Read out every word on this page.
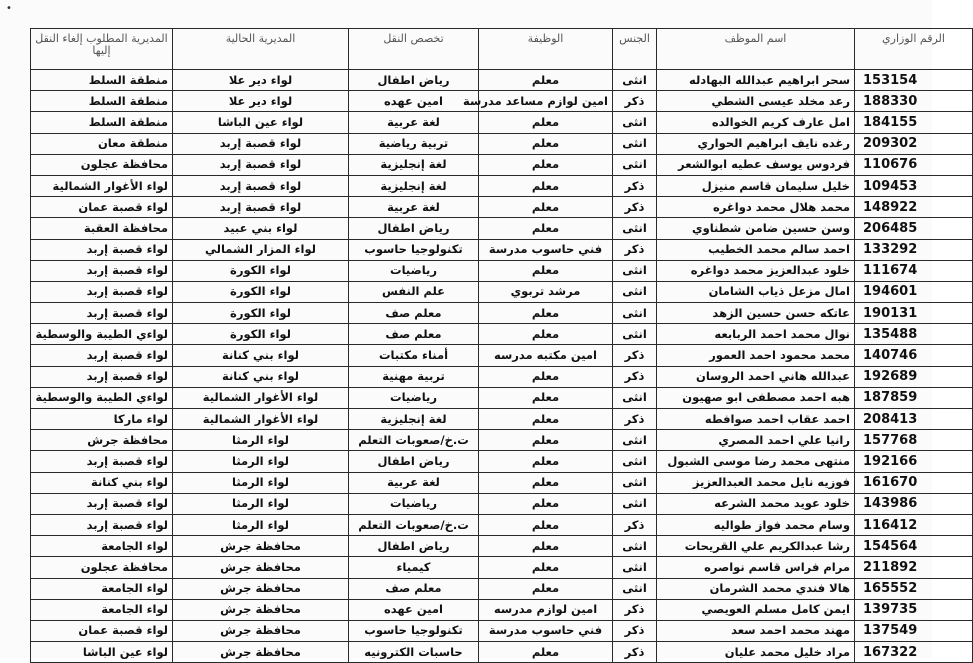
•
الرقم الوزاري	اسم الموظف	الجنس	الوظيفة	تخصص النقل	المديرية الحالية	المديرية المطلوب إلغاء النقل إليها
153154	سحر ابراهيم عبدالله البهادله	انثى	معلم	رياض اطفال	لواء دير علا	منطقة السلط
188330	رعد مخلد عيسى الشطي	ذكر	امين لوازم مساعد مدرسة	امين عهده	لواء دير علا	منطقة السلط
184155	امل عارف كريم الخوالده	انثى	معلم	لغة عربية	لواء عين الباشا	منطقة السلط
209302	رغده نايف ابراهيم الحواري	انثى	معلم	تربية رياضية	لواء قصبة إربد	منطقة معان
110676	فردوس يوسف عطيه ابوالشعر	انثى	معلم	لغة إنجليزية	لواء قصبة إربد	محافظة عجلون
109453	خليل سليمان قاسم منيزل	ذكر	معلم	لغة إنجليزية	لواء قصبة إربد	لواء الأغوار الشمالية
148922	محمد هلال محمد دواغره	ذكر	معلم	لغة عربية	لواء قصبة إربد	لواء قصبة عمان
206485	وسن حسين ضامن شطناوي	انثى	معلم	رياض اطفال	لواء بني عبيد	محافظة العقبة
133292	احمد سالم محمد الخطيب	ذكر	فني حاسوب مدرسة	تكنولوجيا حاسوب	لواء المزار الشمالي	لواء قصبة إربد
111674	خلود عبدالعزيز محمد دواغره	انثى	معلم	رياضيات	لواء الكورة	لواء قصبة إربد
194601	امال مزعل ذياب الشامان	انثى	مرشد تربوي	علم النفس	لواء الكورة	لواء قصبة إربد
190131	عاتكه حسن حسين الزهد	انثى	معلم	معلم صف	لواء الكورة	لواء قصبة إربد
135488	نوال محمد احمد الربابعه	انثى	معلم	معلم صف	لواء الكورة	لواءي الطيبة والوسطية
140746	محمد محمود احمد العمور	ذكر	امين مكتبه مدرسه	أمناء مكتبات	لواء بني كنانة	لواء قصبة إربد
192689	عبدالله هاني احمد الروسان	ذكر	معلم	تربية مهنية	لواء بني كنانة	لواء قصبة إربد
187859	هبه احمد مصطفى ابو صهيون	انثى	معلم	رياضيات	لواء الأغوار الشمالية	لواءي الطيبة والوسطية
208413	احمد عقاب احمد صوافطه	ذكر	معلم	لغة إنجليزية	لواء الأغوار الشمالية	لواء ماركا
157768	رانيا علي احمد المصري	انثى	معلم	ت.خ/صعوبات التعلم	لواء الرمثا	محافظة جرش
192166	منتهى محمد رضا موسى الشبول	انثى	معلم	رياض اطفال	لواء الرمثا	لواء قصبة إربد
161670	فوزيه نايل محمد العبدالعزيز	انثى	معلم	لغة عربية	لواء الرمثا	لواء بني كنانة
143986	خلود عويد محمد الشرعه	انثى	معلم	رياضيات	لواء الرمثا	لواء قصبة إربد
116412	وسام محمد فواز طواليه	ذكر	معلم	ت.خ/صعوبات التعلم	لواء الرمثا	لواء قصبة إربد
154564	رشا عبدالكريم علي القريحات	انثى	معلم	رياض اطفال	محافظة جرش	لواء الجامعة
211892	مرام فراس قاسم نواصره	انثى	معلم	كيمياء	محافظة جرش	محافظة عجلون
165552	هالا فندي محمد الشرمان	انثى	معلم	معلم صف	محافظة جرش	لواء الجامعة
139735	ايمن كامل مسلم العويصي	ذكر	امين لوازم مدرسه	امين عهده	محافظة جرش	لواء الجامعة
137549	مهند محمد احمد سعد	ذكر	فني حاسوب مدرسة	تكنولوجيا حاسوب	محافظة جرش	لواء قصبة عمان
167322	مراد خليل محمد عليان	ذكر	معلم	حاسبات الكترونيه	محافظة جرش	لواء عين الباشا
